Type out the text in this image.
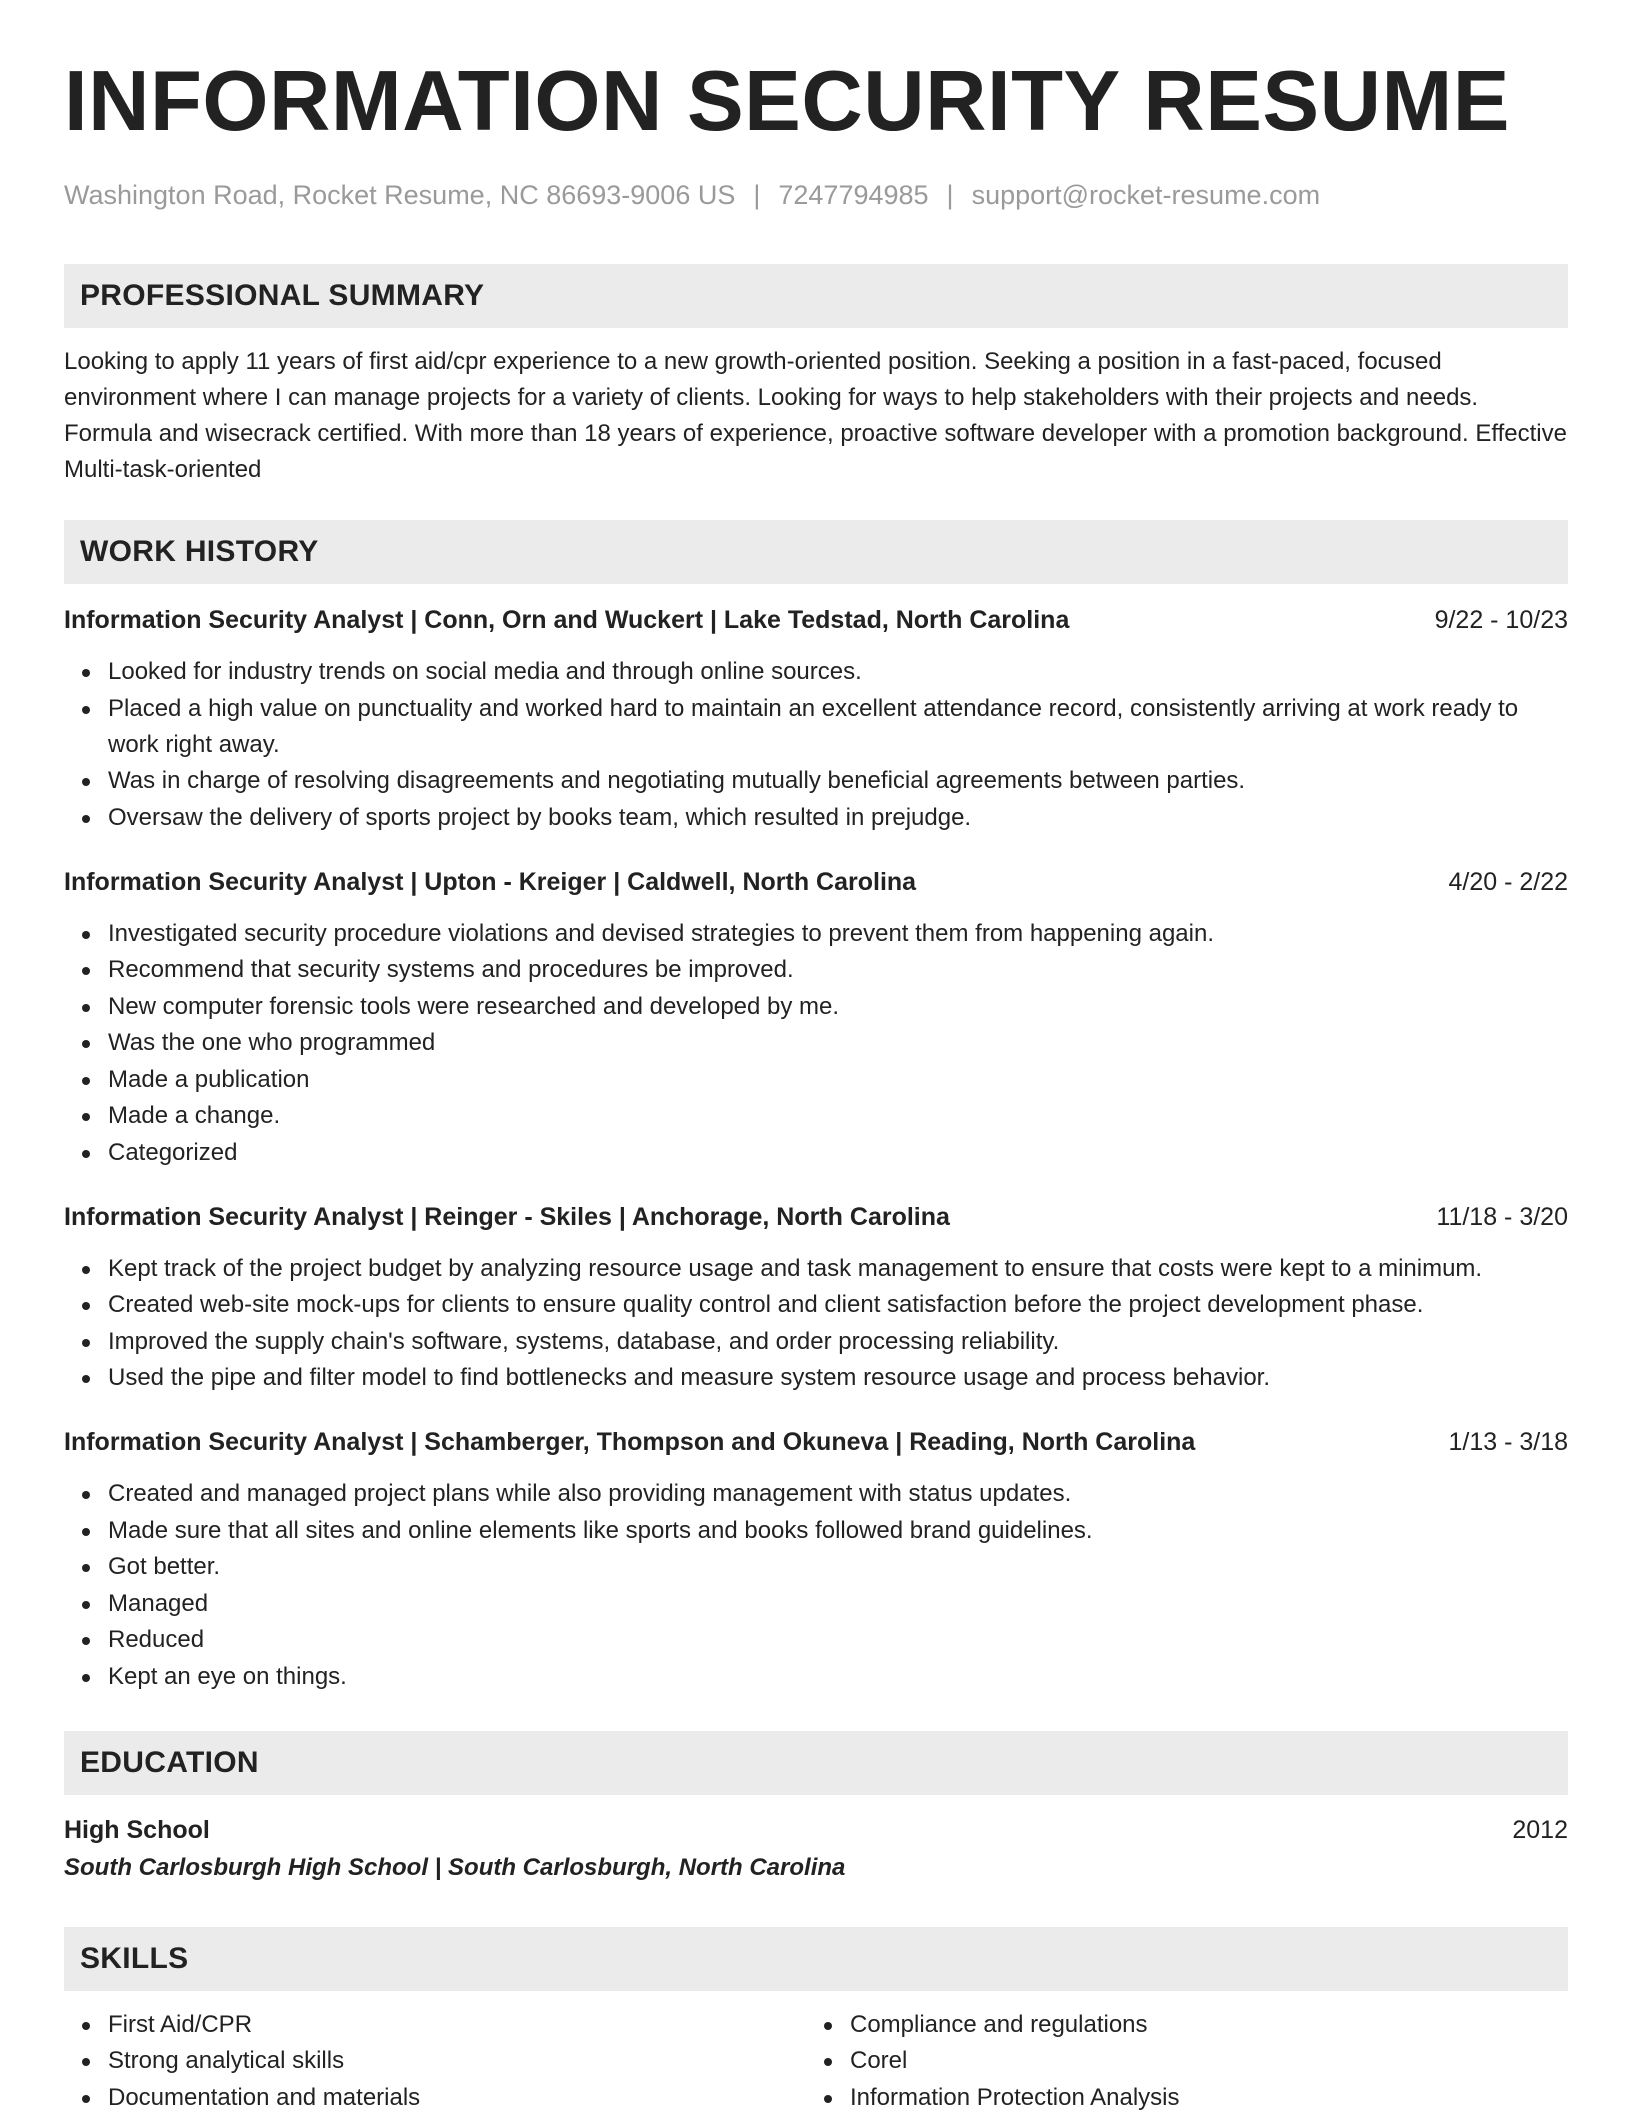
INFORMATION SECURITY RESUME
Washington Road, Rocket Resume, NC 86693-9006 US | 7247794985 | support@rocket-resume.com
PROFESSIONAL SUMMARY
Looking to apply 11 years of first aid/cpr experience to a new growth-oriented position. Seeking a position in a fast-paced, focused environment where I can manage projects for a variety of clients. Looking for ways to help stakeholders with their projects and needs. Formula and wisecrack certified. With more than 18 years of experience, proactive software developer with a promotion background. Effective Multi-task-oriented
WORK HISTORY
Information Security Analyst | Conn, Orn and Wuckert | Lake Tedstad, North Carolina	9/22 - 10/23
Looked for industry trends on social media and through online sources.
Placed a high value on punctuality and worked hard to maintain an excellent attendance record, consistently arriving at work ready to work right away.
Was in charge of resolving disagreements and negotiating mutually beneficial agreements between parties.
Oversaw the delivery of sports project by books team, which resulted in prejudge.
Information Security Analyst | Upton - Kreiger | Caldwell, North Carolina	4/20 - 2/22
Investigated security procedure violations and devised strategies to prevent them from happening again.
Recommend that security systems and procedures be improved.
New computer forensic tools were researched and developed by me.
Was the one who programmed
Made a publication
Made a change.
Categorized
Information Security Analyst | Reinger - Skiles | Anchorage, North Carolina	11/18 - 3/20
Kept track of the project budget by analyzing resource usage and task management to ensure that costs were kept to a minimum.
Created web-site mock-ups for clients to ensure quality control and client satisfaction before the project development phase.
Improved the supply chain's software, systems, database, and order processing reliability.
Used the pipe and filter model to find bottlenecks and measure system resource usage and process behavior.
Information Security Analyst | Schamberger, Thompson and Okuneva | Reading, North Carolina	1/13 - 3/18
Created and managed project plans while also providing management with status updates.
Made sure that all sites and online elements like sports and books followed brand guidelines.
Got better.
Managed
Reduced
Kept an eye on things.
EDUCATION
High School	2012
South Carlosburgh High School | South Carlosburgh, North Carolina
SKILLS
First Aid/CPR
Strong analytical skills
Documentation and materials
Compliance and regulations
Corel
Information Protection Analysis
